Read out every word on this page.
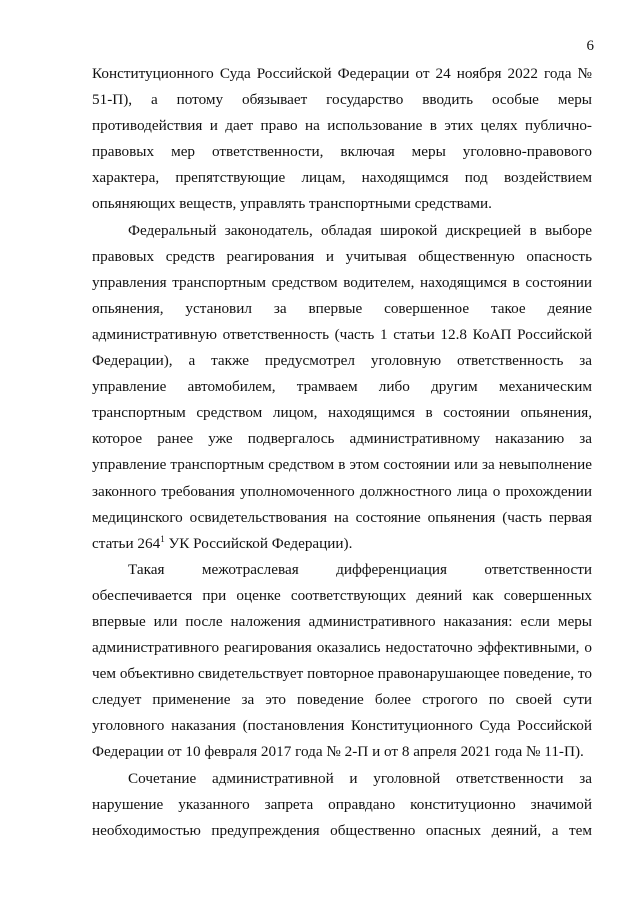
6

Конституционного Суда Российской Федерации от 24 ноября 2022 года № 51-П), а потому обязывает государство вводить особые меры противодействия и дает право на использование в этих целях публично-правовых мер ответственности, включая меры уголовно-правового характера, препятствующие лицам, находящимся под воздействием опьяняющих веществ, управлять транспортными средствами.

Федеральный законодатель, обладая широкой дискрецией в выборе правовых средств реагирования и учитывая общественную опасность управления транспортным средством водителем, находящимся в состоянии опьянения, установил за впервые совершенное такое деяние административную ответственность (часть 1 статьи 12.8 КоАП Российской Федерации), а также предусмотрел уголовную ответственность за управление автомобилем, трамваем либо другим механическим транспортным средством лицом, находящимся в состоянии опьянения, которое ранее уже подвергалось административному наказанию за управление транспортным средством в этом состоянии или за невыполнение законного требования уполномоченного должностного лица о прохождении медицинского освидетельствования на состояние опьянения (часть первая статьи $264^1$ УК Российской Федерации).

Такая межотраслевая дифференциация ответственности обеспечивается при оценке соответствующих деяний как совершенных впервые или после наложения административного наказания: если меры административного реагирования оказались недостаточно эффективными, о чем объективно свидетельствует повторное правонарушающее поведение, то следует применение за это поведение более строгого по своей сути уголовного наказания (постановления Конституционного Суда Российской Федерации от 10 февраля 2017 года № 2-П и от 8 апреля 2021 года № 11-П).

Сочетание административной и уголовной ответственности за нарушение указанного запрета оправдано конституционно значимой необходимостью предупреждения общественно опасных деяний, а тем
